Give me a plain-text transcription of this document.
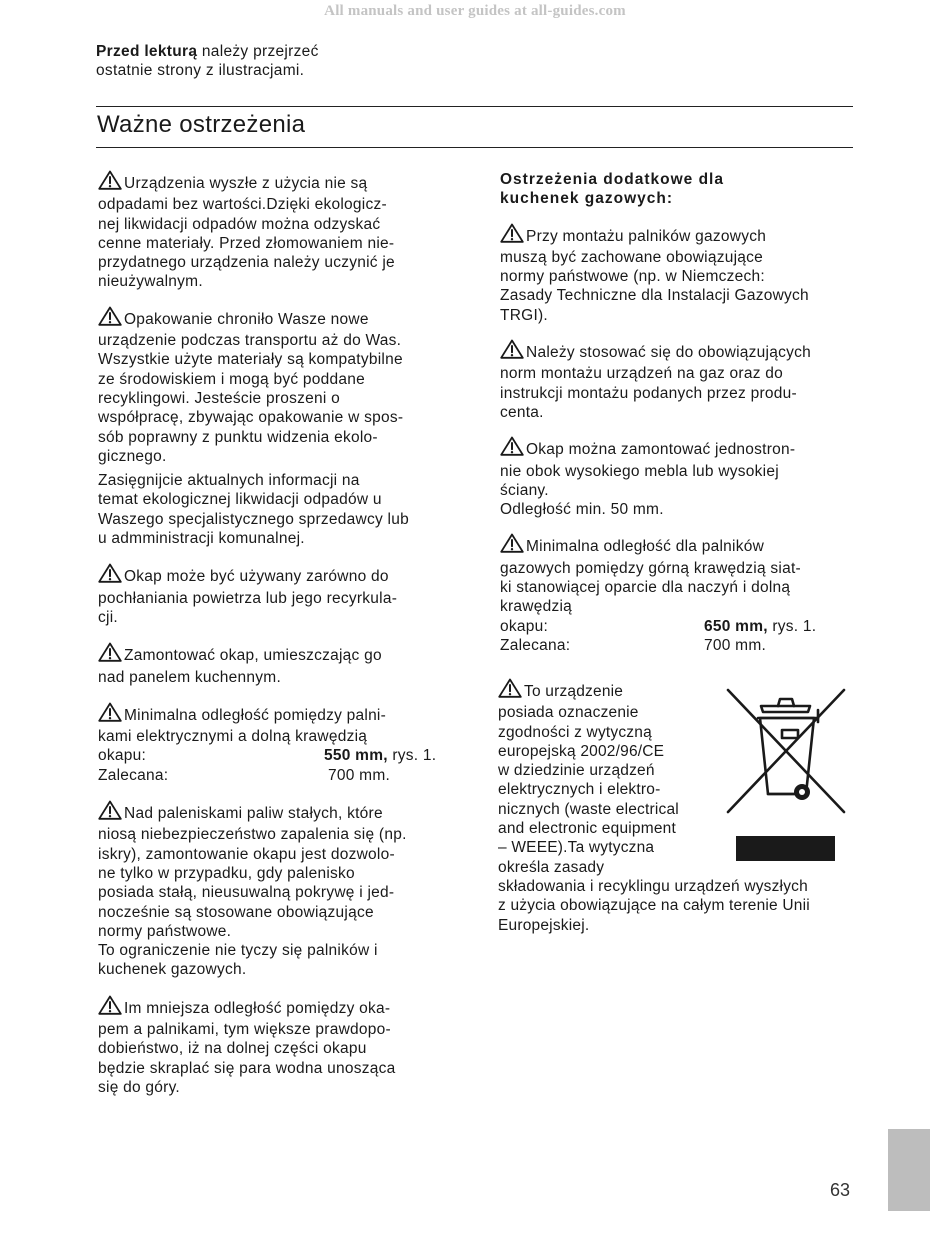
All manuals and user guides at all-guides.com
Przed lekturą należy przejrzeć
ostatnie strony z ilustracjami.
Ważne ostrzeżenia
Urządzenia wyszłe z użycia nie są
odpadami bez wartości.Dzięki ekologicz-
nej likwidacji odpadów można odzyskać
cenne materiały. Przed złomowaniem nie-
przydatnego urządzenia należy uczynić je
nieużywalnym.
Opakowanie chroniło Wasze nowe
urządzenie podczas transportu aż do Was.
Wszystkie użyte materiały są kompatybilne
ze środowiskiem i mogą być poddane
recyklingowi. Jesteście proszeni o
współpracę, zbywając opakowanie w spos-
sób poprawny z punktu widzenia ekolo-
gicznego.
Zasięgnijcie aktualnych informacji na
temat ekologicznej likwidacji odpadów u
Waszego specjalistycznego sprzedawcy lub
u admministracji komunalnej.
Okap może być używany zarówno do
pochłaniania powietrza lub jego recyrkula-
cji.
Zamontować okap, umieszczając go
nad panelem kuchennym.
Minimalna odległość pomiędzy palni-
kami elektrycznymi a dolną krawędzią
okapu:	550 mm, rys. 1.
Zalecana:	700 mm.
Nad paleniskami paliw stałych, które
niosą niebezpieczeństwo zapalenia się (np.
iskry), zamontowanie okapu jest dozwolo-
ne tylko w przypadku, gdy palenisko
posiada stałą, nieusuwalną pokrywę i jed-
nocześnie są stosowane obowiązujące
normy państwowe.
To ograniczenie nie tyczy się palników i
kuchenek gazowych.
Im mniejsza odległość pomiędzy oka-
pem a palnikami, tym większe prawdopo-
dobieństwo, iż na dolnej części okapu
będzie skraplać się para wodna unosząca
się do góry.
Ostrzeżenia dodatkowe dla
kuchenek gazowych:
Przy montażu palników gazowych
muszą być zachowane obowiązujące
normy państwowe (np. w Niemczech:
Zasady Techniczne dla Instalacji Gazowych
TRGI).
Należy stosować się do obowiązujących
norm montażu urządzeń na gaz oraz do
instrukcji montażu podanych przez produ-
centa.
Okap można zamontować jednostron-
nie obok wysokiego mebla lub wysokiej
ściany.
Odległość min. 50 mm.
Minimalna odległość dla palników
gazowych pomiędzy górną krawędzią siat-
ki stanowiącej oparcie dla naczyń i dolną
krawędzią
okapu:	650 mm, rys. 1.
Zalecana:	700 mm.
To urządzenie
posiada oznaczenie
zgodności z wytyczną
europejską 2002/96/CE
w dziedzinie urządzeń
elektrycznych i elektro-
nicznych (waste electrical
and electronic equipment
– WEEE).Ta wytyczna
określa zasady
składowania i recyklingu urządzeń wyszłych
z użycia obowiązujące na całym terenie Unii
Europejskiej.
63
